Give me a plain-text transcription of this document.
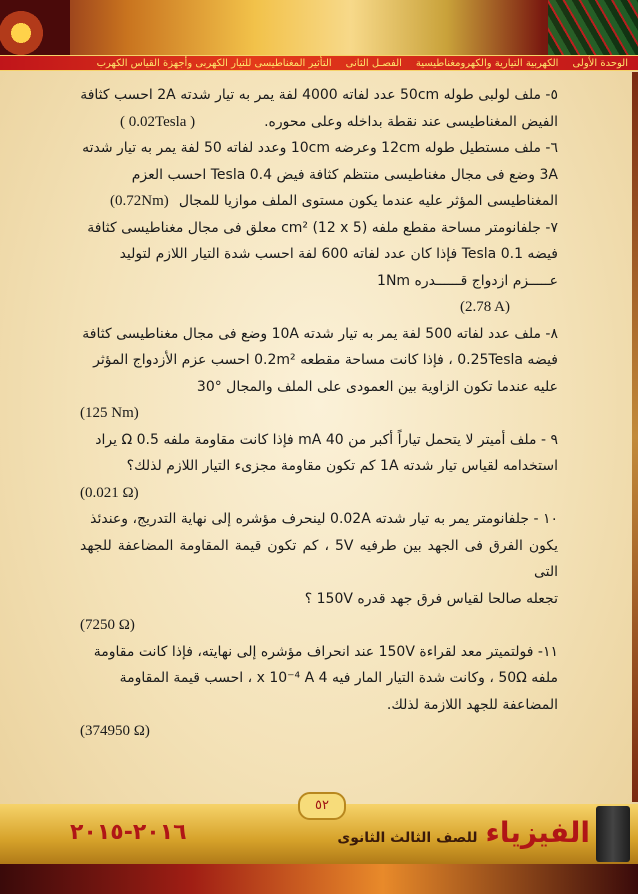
الوحدة الأولى
الكهربية التيارية والكهرومغناطيسية
الفصـل الثانى
التأثير المغناطيسى للتيار الكهربى وأجهزة القياس الكهرب

٥- ملف لولبى طوله 50cm عدد لفاته 4000 لفة يمر به تيار شدته 2A احسب كثافة

الفيض المغناطيسى عند نقطة بداخله وعلى محوره.

( 0.02Tesla )

٦- ملف مستطيل طوله 12cm وعرضه 10cm وعدد لفاته 50 لفة يمر به تيار شدته

3A وضع فى مجال مغناطيسى منتظم كثافة فيض 0.4 Tesla احسب العزم

المغناطيسى المؤثر عليه عندما يكون مستوى الملف موازيا للمجال

(0.72Nm)

٧- جلفانومتر مساحة مقطع ملفه cm² (12 x 5) معلق فى مجال مغناطيسى كثافة

فيضه 0.1 Tesla فإذا كان عدد لفاته 600 لفة احسب شدة التيار اللازم لتوليد

عـــــزم ازدواج قــــــدره 1Nm

(2.78 A)

٨- ملف عدد لفاته 500 لفة يمر به تيار شدته 10A وضع فى مجال مغناطيسى كثافة

فيضه 0.25Tesla ، فإذا كانت مساحة مقطعه 0.2m² احسب عزم الأزدواج المؤثر

عليه عندما تكون الزاوية بين العمودى على الملف والمجال °30

(125 Nm)

٩ - ملف أميتر لا يتحمل تياراً أكبر من 40 mA فإذا كانت مقاومة ملفه Ω 0.5 يراد

استخدامه لقياس تيار شدته 1A كم تكون مقاومة مجزىء التيار اللازم لذلك؟

(0.021 Ω)

١٠ - جلفانومتر يمر به تيار شدته 0.02A لينحرف مؤشره إلى نهاية التدريج، وعندئذ

يكون الفرق فى الجهد بين طرفيه 5V ، كم تكون قيمة المقاومة المضاعفة للجهد التى

تجعله صالحا لقياس فرق جهد قدره 150V ؟

(7250 Ω)

١١- فولتميتر معد لقراءة 150V عند انحراف مؤشره إلى نهايته، فإذا كانت مقاومة

ملفه 50Ω ، وكانت شدة التيار المار فيه 4 x 10⁻⁴ A ، احسب قيمة المقاومة

المضاعفة للجهد اللازمة لذلك.

(374950 Ω)

٥٢
٢٠١٦-٢٠١٥	الفيزياء
للصف الثالث الثانوى
